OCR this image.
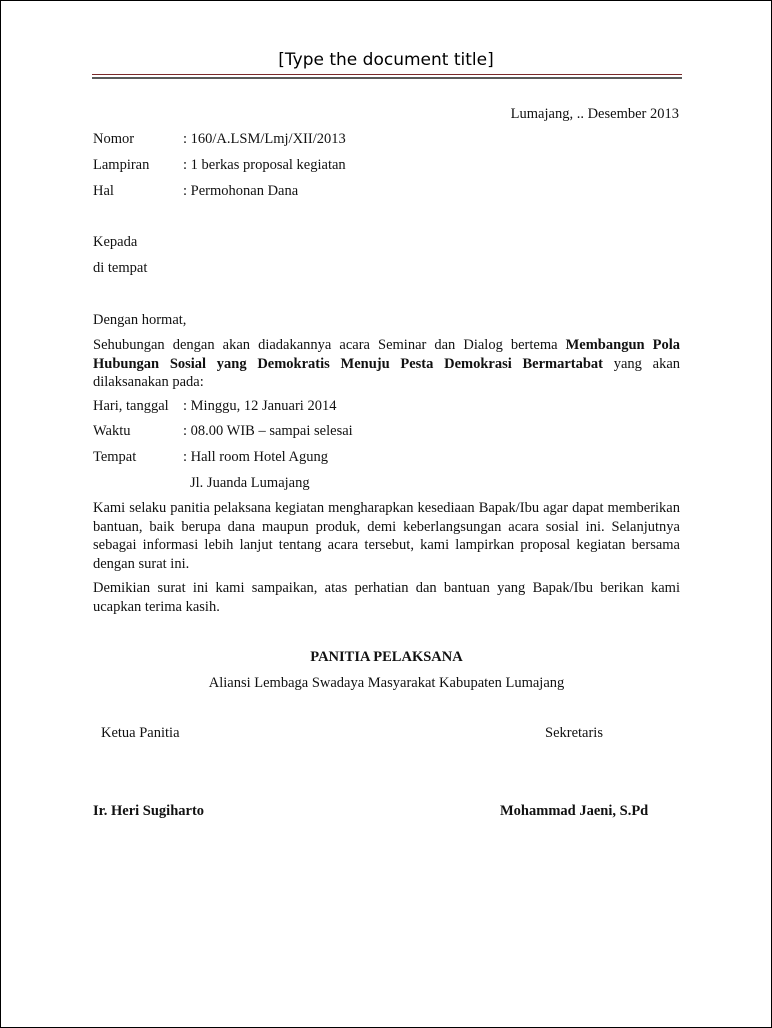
[Type the document title]
Lumajang, .. Desember 2013
Nomor	: 160/A.LSM/Lmj/XII/2013
Lampiran : 1 berkas proposal kegiatan
Hal	: Permohonan Dana
Kepada
di tempat
Dengan hormat,
Sehubungan dengan akan diadakannya acara Seminar dan Dialog bertema Membangun Pola Hubungan Sosial yang Demokratis Menuju Pesta Demokrasi Bermartabat yang akan dilaksanakan pada:
Hari, tanggal : Minggu, 12 Januari 2014
Waktu	: 08.00 WIB – sampai selesai
Tempat	: Hall room Hotel Agung
Jl. Juanda Lumajang
Kami selaku panitia pelaksana kegiatan mengharapkan kesediaan Bapak/Ibu agar dapat memberikan bantuan, baik berupa dana maupun produk, demi keberlangsungan acara sosial ini. Selanjutnya sebagai informasi lebih lanjut tentang acara tersebut, kami lampirkan proposal kegiatan bersama dengan surat ini.
Demikian surat ini kami sampaikan, atas perhatian dan bantuan yang Bapak/Ibu berikan kami ucapkan terima kasih.
PANITIA PELAKSANA
Aliansi Lembaga Swadaya Masyarakat Kabupaten Lumajang
Ketua Panitia	Sekretaris
Ir. Heri Sugiharto	Mohammad Jaeni, S.Pd
